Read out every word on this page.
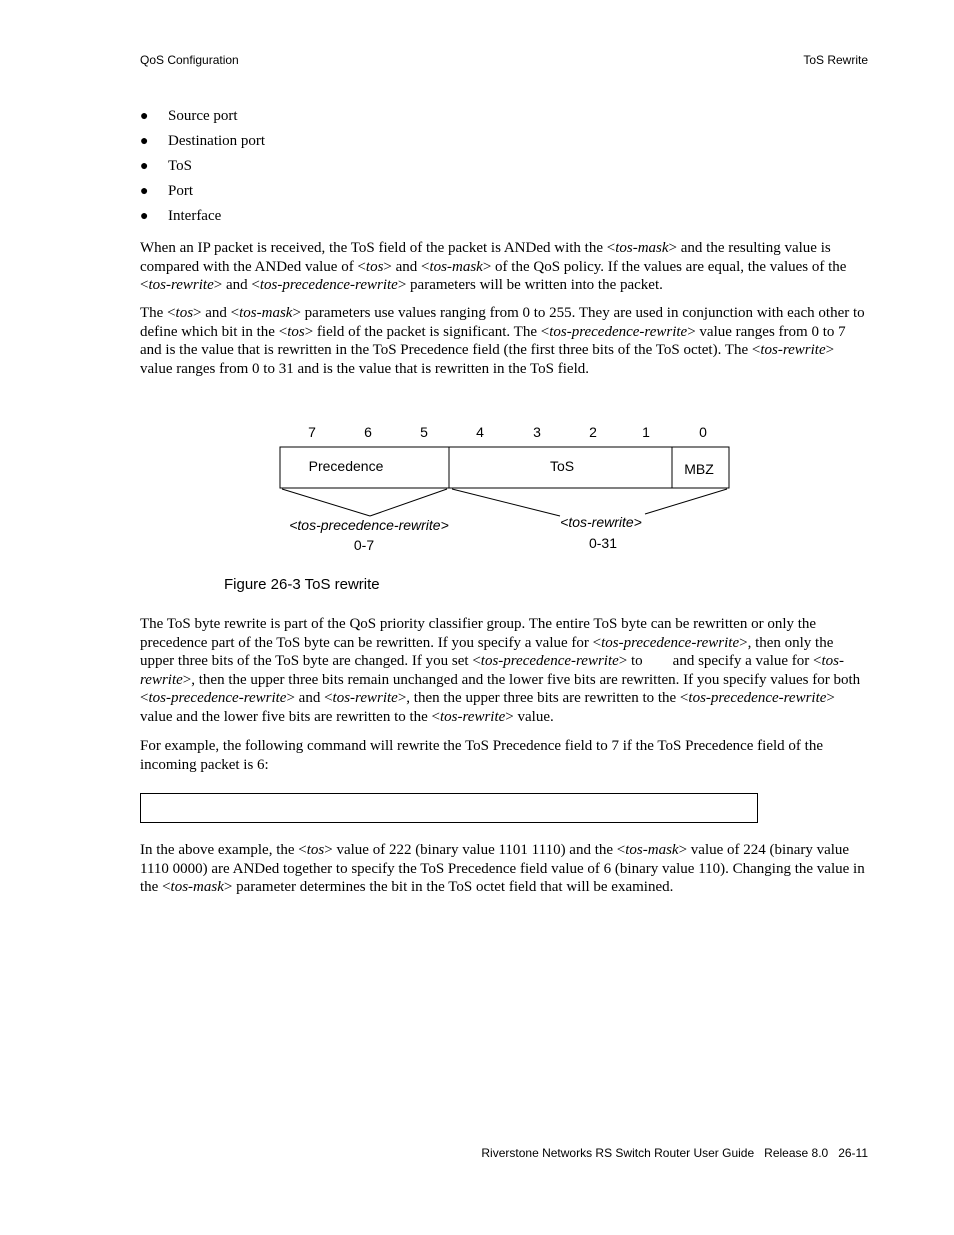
QoS Configuration	ToS Rewrite
● Source port
● Destination port
● ToS
● Port
● Interface

When an IP packet is received, the ToS field of the packet is ANDed with the <tos-mask> and the resulting value is compared with the ANDed value of <tos> and <tos-mask> of the QoS policy. If the values are equal, the values of the <tos-rewrite> and <tos-precedence-rewrite> parameters will be written into the packet.

The <tos> and <tos-mask> parameters use values ranging from 0 to 255. They are used in conjunction with each other to define which bit in the <tos> field of the packet is significant. The <tos-precedence-rewrite> value ranges from 0 to 7 and is the value that is rewritten in the ToS Precedence field (the first three bits of the ToS octet). The <tos-rewrite> value ranges from 0 to 31 and is the value that is rewritten in the ToS field.

7	6	5	4	3	2	1	0
Precedence	ToS	MBZ
<tos-precedence-rewrite>
0-7
<tos-rewrite>
0-31
Figure 26-3 ToS rewrite

The ToS byte rewrite is part of the QoS priority classifier group. The entire ToS byte can be rewritten or only the precedence part of the ToS byte can be rewritten. If you specify a value for <tos-precedence-rewrite>, then only the upper three bits of the ToS byte are changed. If you set <tos-precedence-rewrite> to        and specify a value for <tos-rewrite>, then the upper three bits remain unchanged and the lower five bits are rewritten. If you specify values for both <tos-precedence-rewrite> and <tos-rewrite>, then the upper three bits are rewritten to the <tos-precedence-rewrite> value and the lower five bits are rewritten to the <tos-rewrite> value.

For example, the following command will rewrite the ToS Precedence field to 7 if the ToS Precedence field of the incoming packet is 6:

In the above example, the <tos> value of 222 (binary value 1101 1110) and the <tos-mask> value of 224 (binary value 1110 0000) are ANDed together to specify the ToS Precedence field value of 6 (binary value 110). Changing the value in the <tos-mask> parameter determines the bit in the ToS octet field that will be examined.

Riverstone Networks RS Switch Router User Guide   Release 8.0   26-11
